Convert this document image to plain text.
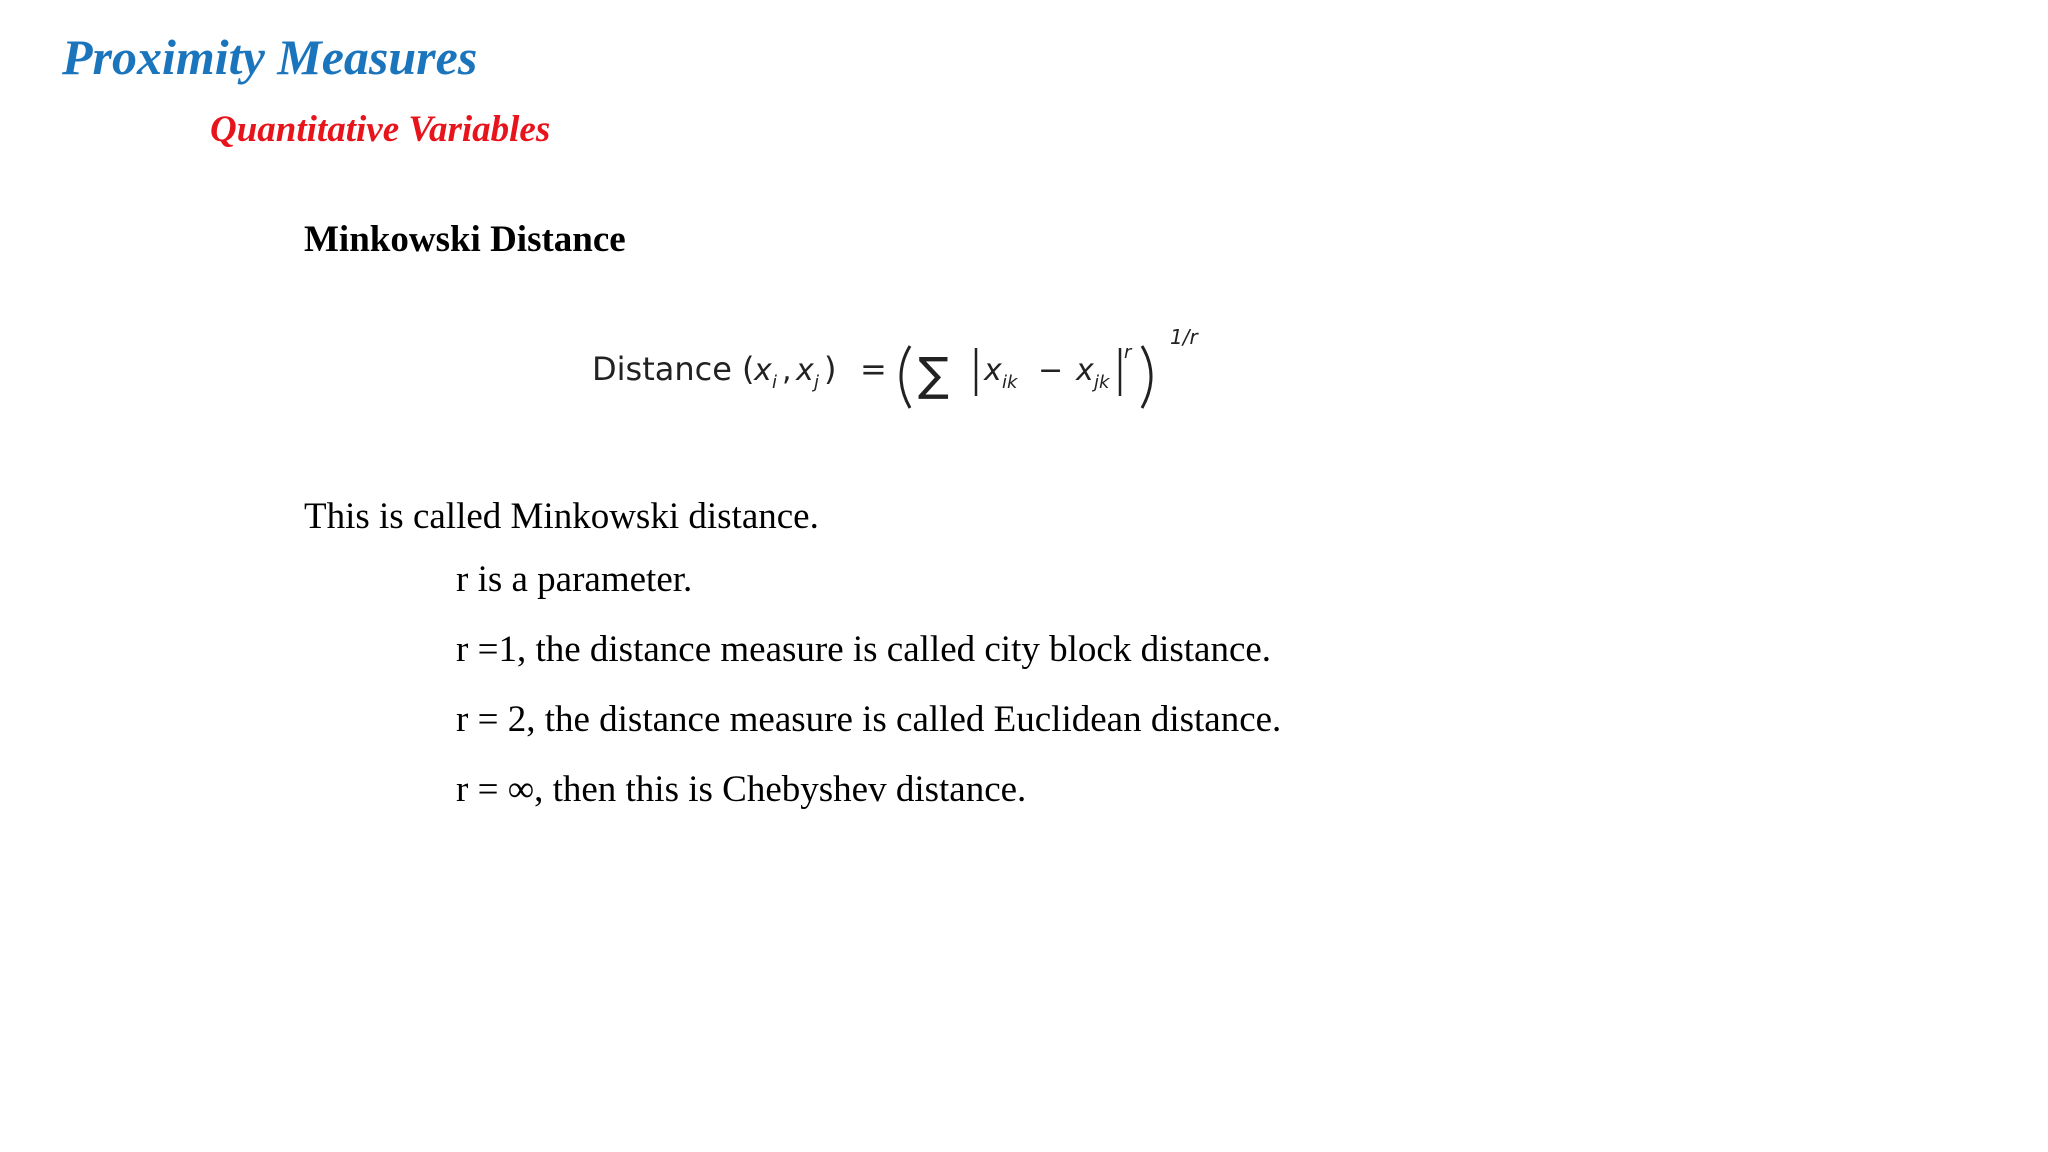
Proximity Measures
Quantitative Variables
Minkowski Distance
Distance ( x i , x j ) = ∑ x ik − x jk
r
1/r
This is called Minkowski distance.
r is a parameter.
r =1, the distance measure is called city block distance.
r = 2, the distance measure is called Euclidean distance.
r = ∞, then this is Chebyshev distance.
